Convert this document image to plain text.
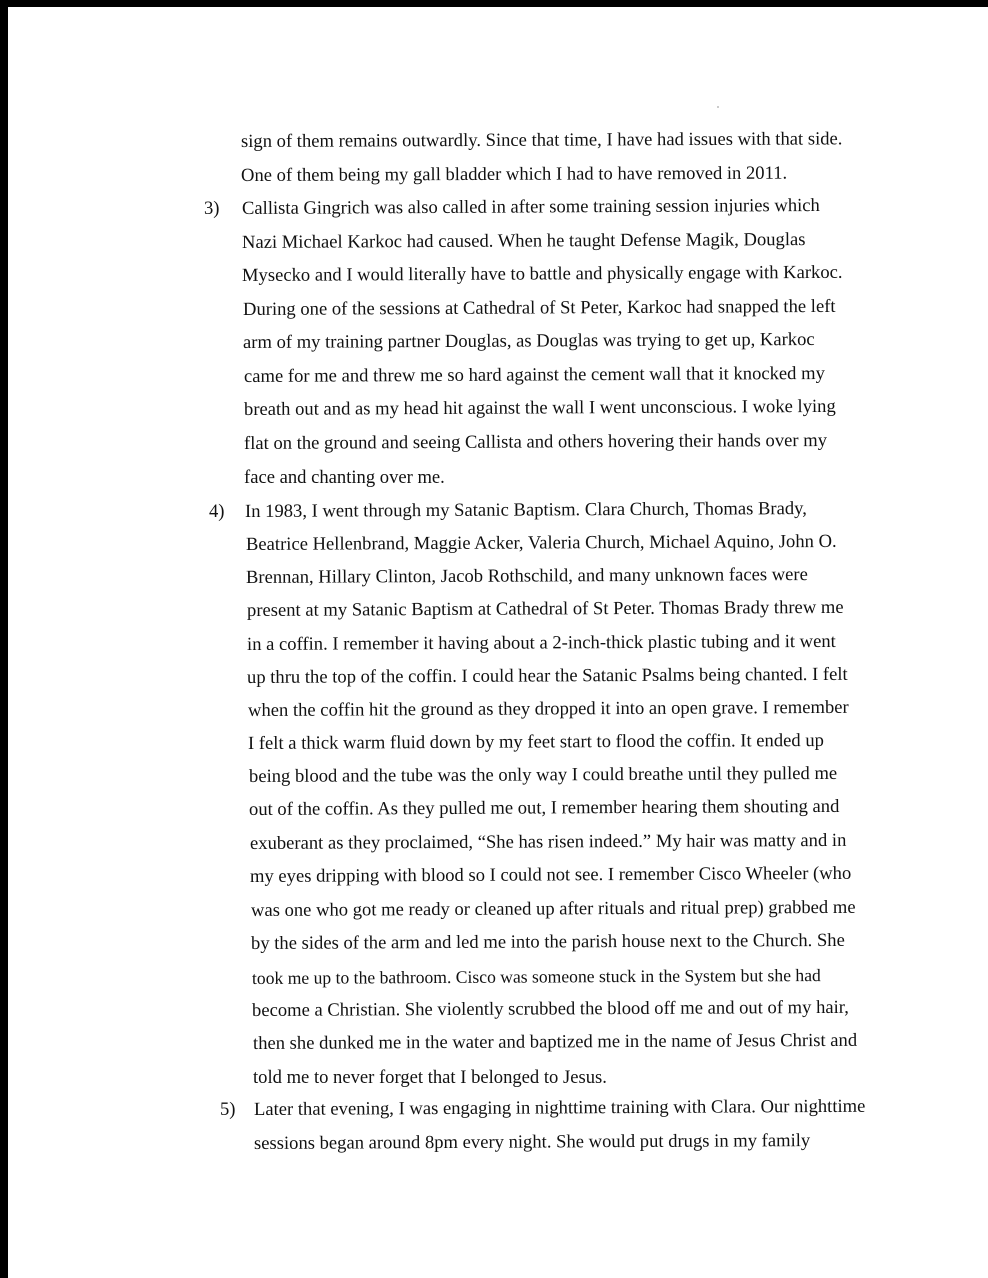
sign of them remains outwardly. Since that time, I have had issues with that side.
One of them being my gall bladder which I had to have removed in 2011.
3) Callista Gingrich was also called in after some training session injuries which
Nazi Michael Karkoc had caused. When he taught Defense Magik, Douglas
Mysecko and I would literally have to battle and physically engage with Karkoc.
During one of the sessions at Cathedral of St Peter, Karkoc had snapped the left
arm of my training partner Douglas, as Douglas was trying to get up, Karkoc
came for me and threw me so hard against the cement wall that it knocked my
breath out and as my head hit against the wall I went unconscious. I woke lying
flat on the ground and seeing Callista and others hovering their hands over my
face and chanting over me.
4) In 1983, I went through my Satanic Baptism. Clara Church, Thomas Brady,
Beatrice Hellenbrand, Maggie Acker, Valeria Church, Michael Aquino, John O.
Brennan, Hillary Clinton, Jacob Rothschild, and many unknown faces were
present at my Satanic Baptism at Cathedral of St Peter. Thomas Brady threw me
in a coffin. I remember it having about a 2-inch-thick plastic tubing and it went
up thru the top of the coffin. I could hear the Satanic Psalms being chanted. I felt
when the coffin hit the ground as they dropped it into an open grave. I remember
I felt a thick warm fluid down by my feet start to flood the coffin. It ended up
being blood and the tube was the only way I could breathe until they pulled me
out of the coffin. As they pulled me out, I remember hearing them shouting and
exuberant as they proclaimed, “She has risen indeed.” My hair was matty and in
my eyes dripping with blood so I could not see. I remember Cisco Wheeler (who
was one who got me ready or cleaned up after rituals and ritual prep) grabbed me
by the sides of the arm and led me into the parish house next to the Church. She
took me up to the bathroom. Cisco was someone stuck in the System but she had
become a Christian. She violently scrubbed the blood off me and out of my hair,
then she dunked me in the water and baptized me in the name of Jesus Christ and
told me to never forget that I belonged to Jesus.
5) Later that evening, I was engaging in nighttime training with Clara. Our nighttime
sessions began around 8pm every night. She would put drugs in my family
